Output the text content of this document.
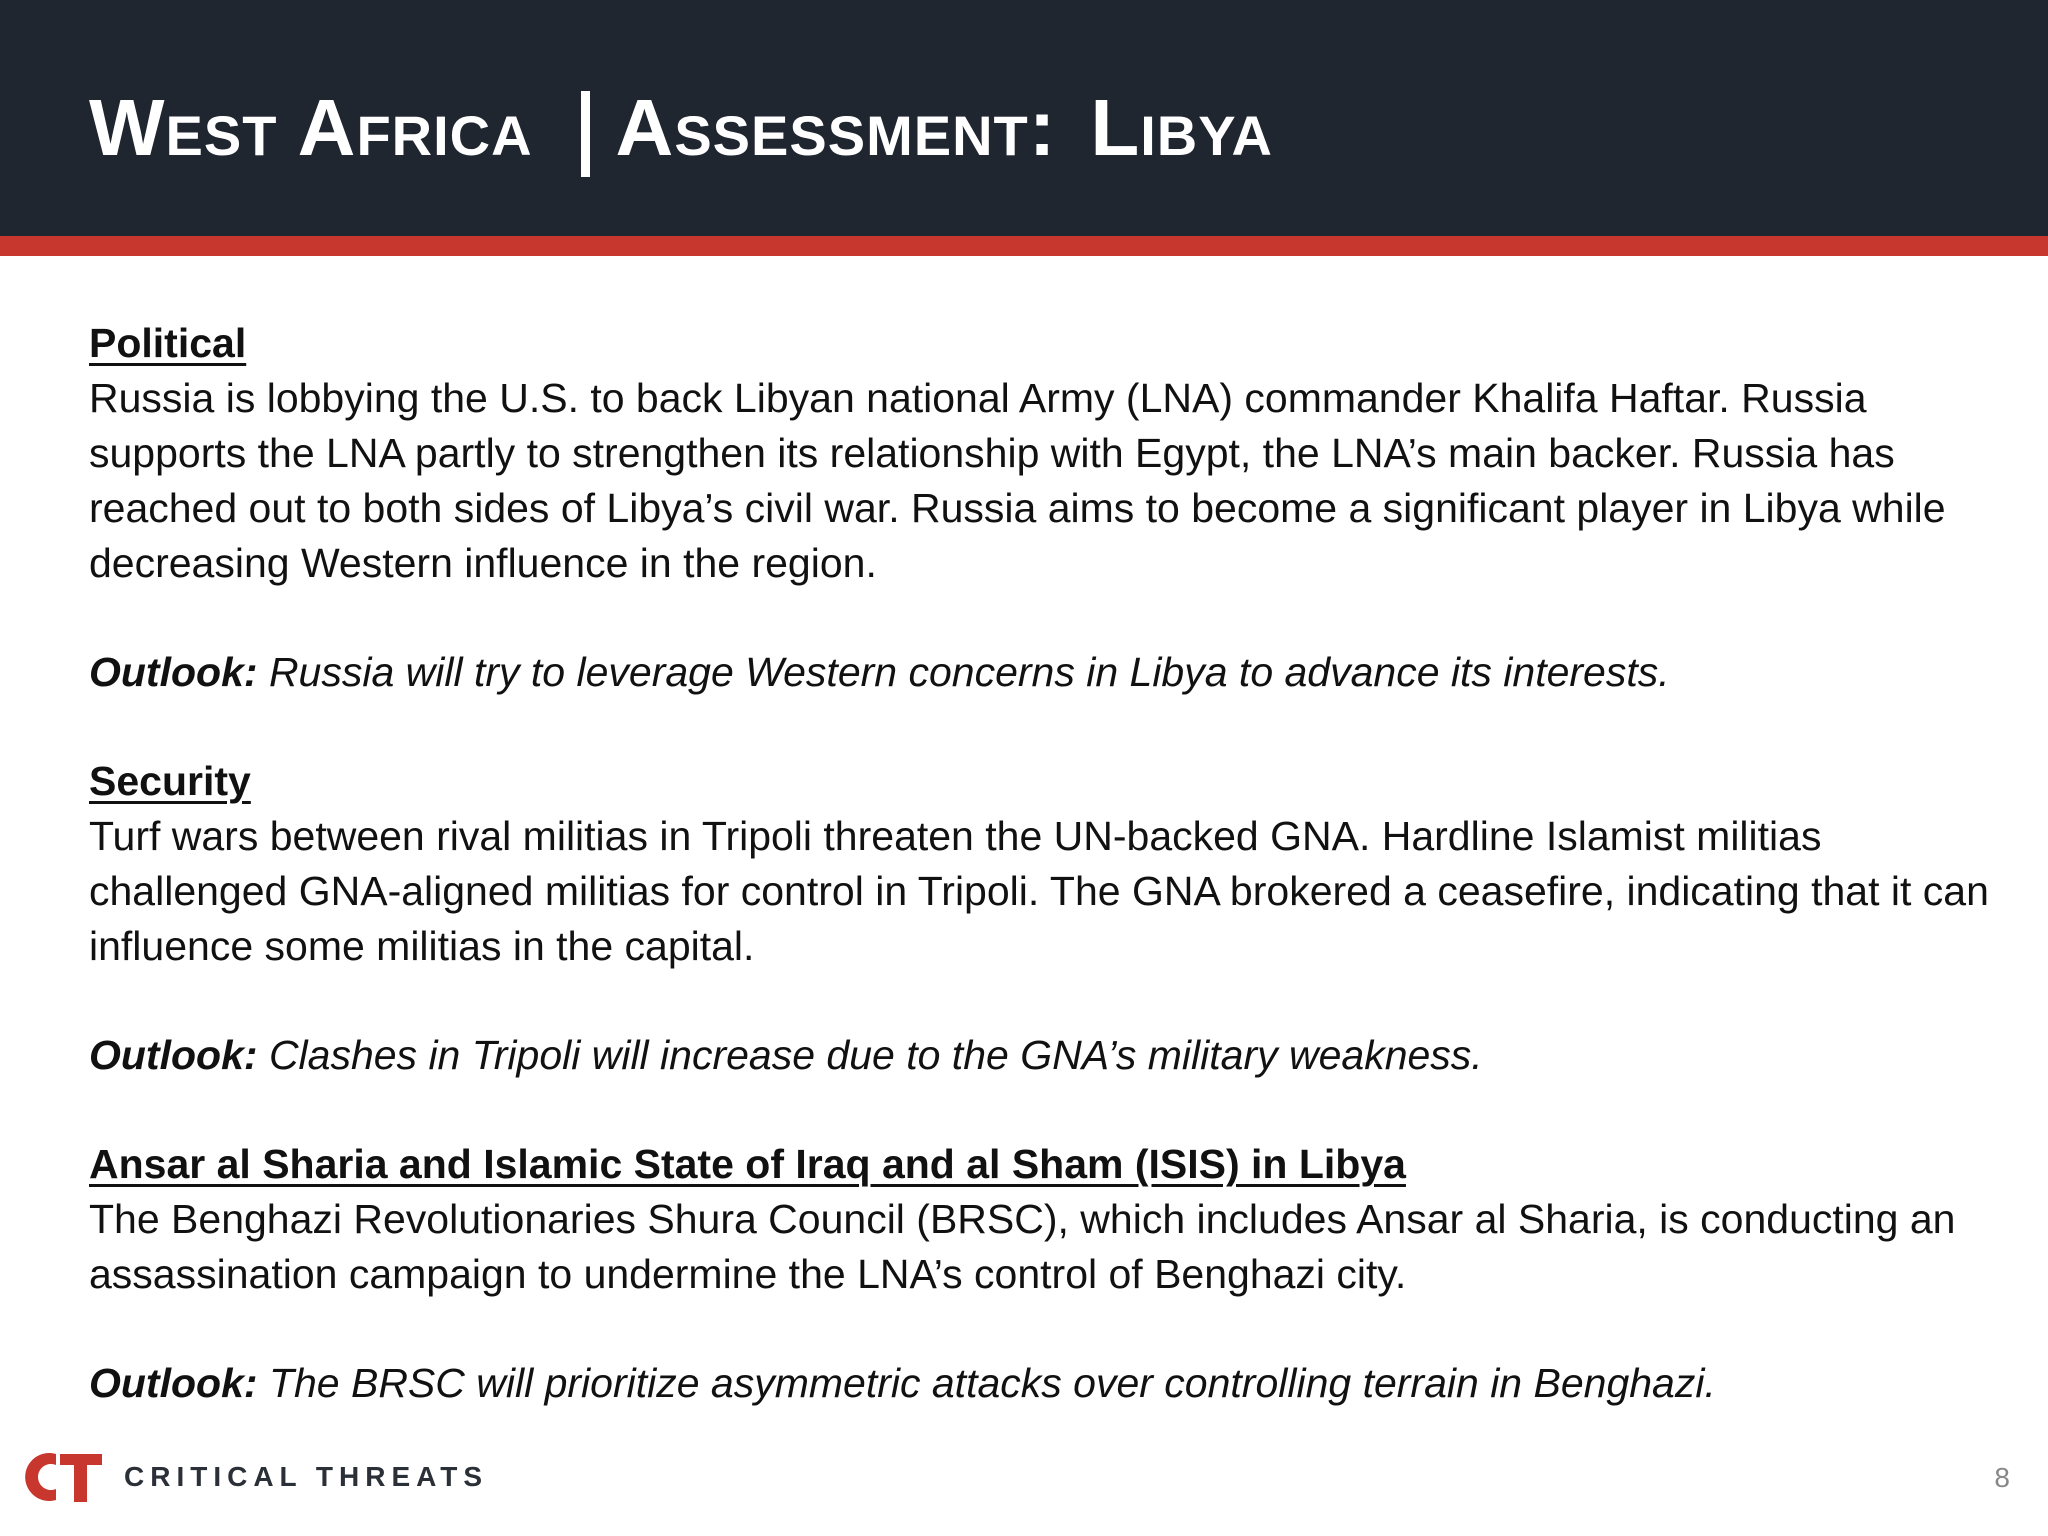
West Africa Assessment: Libya

Political

Russia is lobbying the U.S. to back Libyan national Army (LNA) commander Khalifa Haftar. Russia supports the LNA partly to strengthen its relationship with Egypt, the LNA’s main backer. Russia has reached out to both sides of Libya’s civil war. Russia aims to become a significant player in Libya while decreasing Western influence in the region.

Outlook: Russia will try to leverage Western concerns in Libya to advance its interests.

Security

Turf wars between rival militias in Tripoli threaten the UN-backed GNA. Hardline Islamist militias challenged GNA-aligned militias for control in Tripoli. The GNA brokered a ceasefire, indicating that it can influence some militias in the capital.

Outlook: Clashes in Tripoli will increase due to the GNA’s military weakness.

Ansar al Sharia and Islamic State of Iraq and al Sham (ISIS) in Libya

The Benghazi Revolutionaries Shura Council (BRSC), which includes Ansar al Sharia, is conducting an assassination campaign to undermine the LNA’s control of Benghazi city.

Outlook: The BRSC will prioritize asymmetric attacks over controlling terrain in Benghazi.

CRITICAL THREATS	8
